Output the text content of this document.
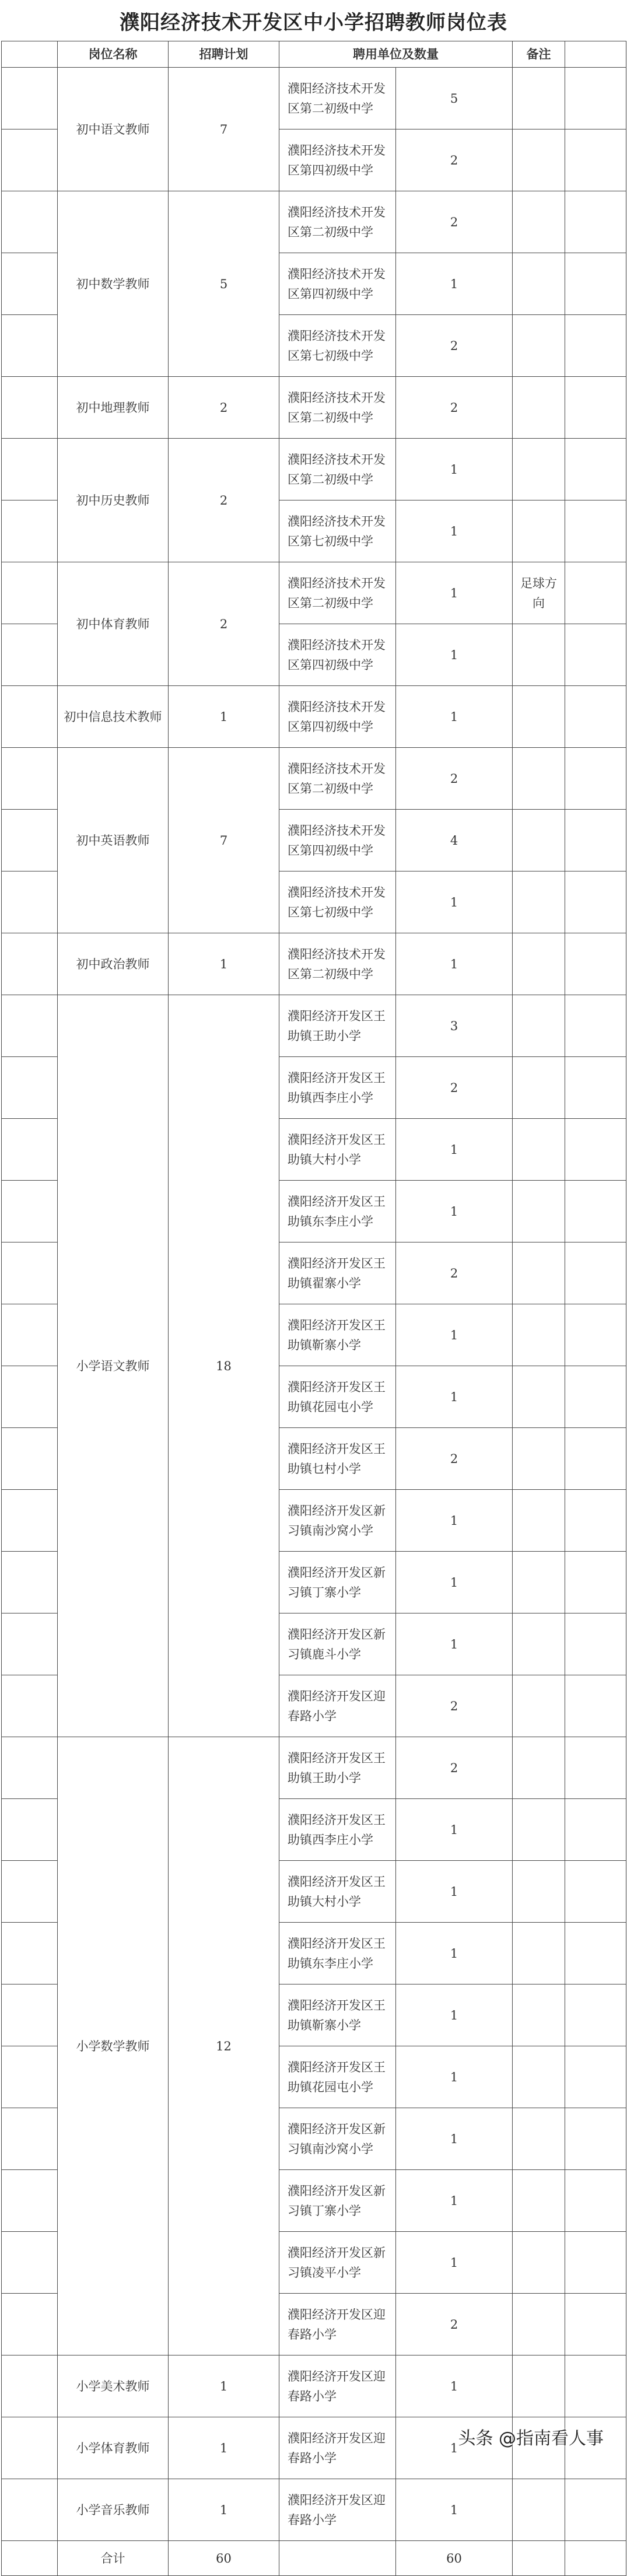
濮阳经济技术开发区中小学招聘教师岗位表
	岗位名称	招聘计划	聘用单位及数量		备注	
	初中语文教师	7	濮阳经济技术开发区第二初级中学	5		
			濮阳经济技术开发区第四初级中学	2		
	初中数学教师	5	濮阳经济技术开发区第二初级中学	2		
			濮阳经济技术开发区第四初级中学	1		
			濮阳经济技术开发区第七初级中学	2		
	初中地理教师	2	濮阳经济技术开发区第二初级中学	2		
	初中历史教师	2	濮阳经济技术开发区第二初级中学	1		
			濮阳经济技术开发区第七初级中学	1		
	初中体育教师	2	濮阳经济技术开发区第二初级中学	1	足球方向	
			濮阳经济技术开发区第四初级中学	1		
	初中信息技术教师	1	濮阳经济技术开发区第四初级中学	1		
	初中英语教师	7	濮阳经济技术开发区第二初级中学	2		
			濮阳经济技术开发区第四初级中学	4		
			濮阳经济技术开发区第七初级中学	1		
	初中政治教师	1	濮阳经济技术开发区第二初级中学	1		
	小学语文教师	18	濮阳经济开发区王助镇王助小学	3		
			濮阳经济开发区王助镇西李庄小学	2		
			濮阳经济开发区王助镇大村小学	1		
			濮阳经济开发区王助镇东李庄小学	1		
			濮阳经济开发区王助镇翟寨小学	2		
			濮阳经济开发区王助镇靳寨小学	1		
			濮阳经济开发区王助镇花园屯小学	1		
			濮阳经济开发区王助镇乜村小学	2		
			濮阳经济开发区新习镇南沙窝小学	1		
			濮阳经济开发区新习镇丁寨小学	1		
			濮阳经济开发区新习镇鹿斗小学	1		
			濮阳经济开发区迎春路小学	2		
	小学数学教师	12	濮阳经济开发区王助镇王助小学	2		
			濮阳经济开发区王助镇西李庄小学	1		
			濮阳经济开发区王助镇大村小学	1		
			濮阳经济开发区王助镇东李庄小学	1		
			濮阳经济开发区王助镇靳寨小学	1		
			濮阳经济开发区王助镇花园屯小学	1		
			濮阳经济开发区新习镇南沙窝小学	1		
			濮阳经济开发区新习镇丁寨小学	1		
			濮阳经济开发区新习镇凌平小学	1		
			濮阳经济开发区迎春路小学	2		
	小学美术教师	1	濮阳经济开发区迎春路小学	1		
	小学体育教师	1	濮阳经济开发区迎春路小学	1		
	小学音乐教师	1	濮阳经济开发区迎春路小学	1		
	合计	60		60		
头条 @指南看人事
